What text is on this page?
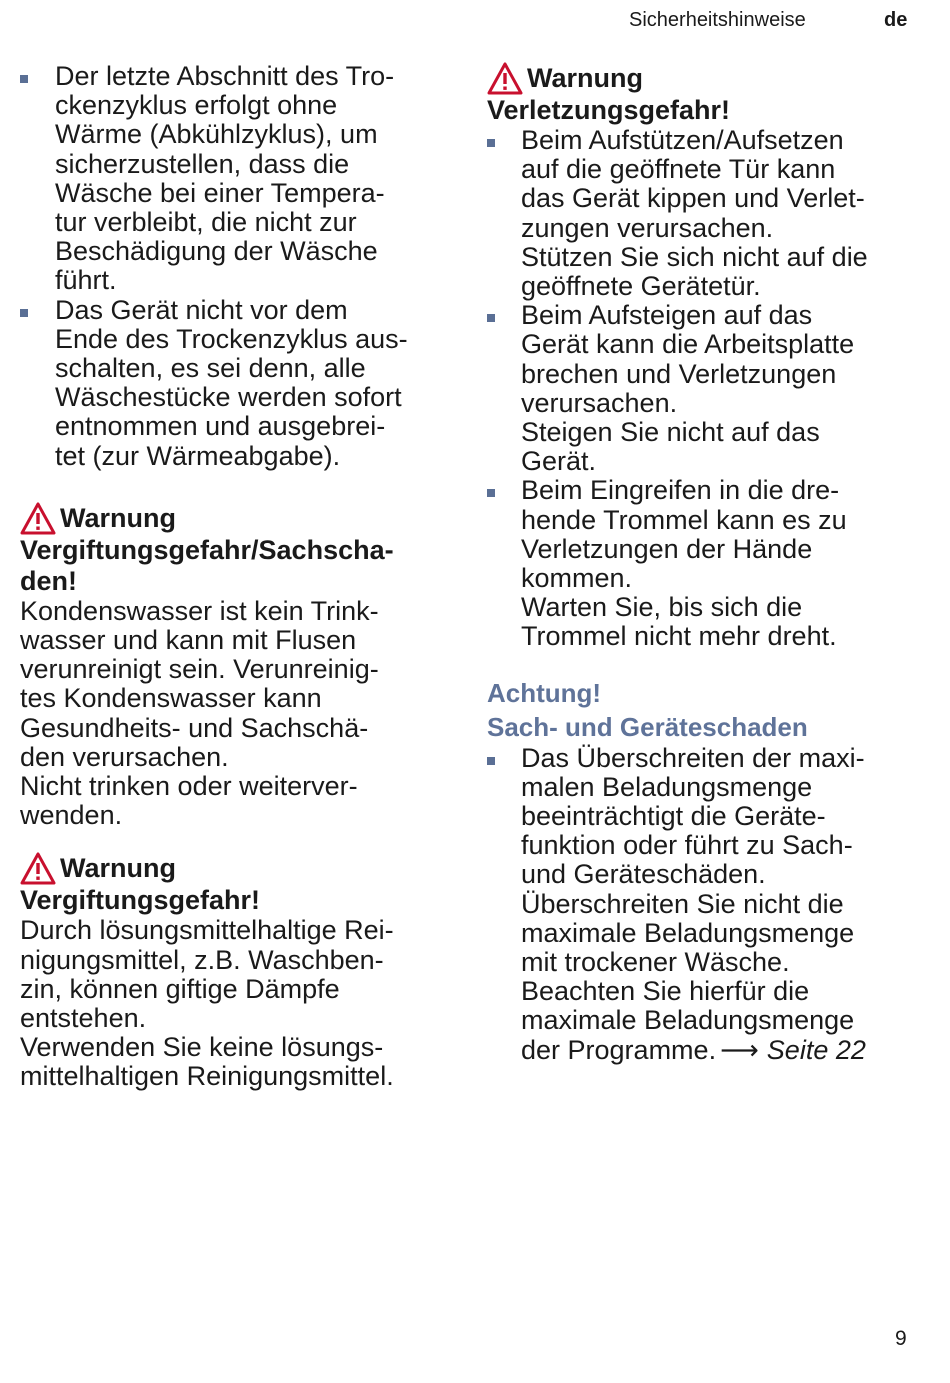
Sicherheitshinweise	de
Der letzte Abschnitt des Tro-
ckenzyklus erfolgt ohne
Wärme (Abkühlzyklus), um
sicherzustellen, dass die
Wäsche bei einer Tempera-
tur verbleibt, die nicht zur
Beschädigung der Wäsche
führt.
Das Gerät nicht vor dem
Ende des Trockenzyklus aus-
schalten, es sei denn, alle
Wäschestücke werden sofort
entnommen und ausgebrei-
tet (zur Wärmeabgabe).
Warnung
Vergiftungsgefahr/Sachscha-
den!
Kondenswasser ist kein Trink-
wasser und kann mit Flusen
verunreinigt sein. Verunreinig-
tes Kondenswasser kann
Gesundheits- und Sachschä-
den verursachen.
Nicht trinken oder weiterver-
wenden.
Warnung
Vergiftungsgefahr!
Durch lösungsmittelhaltige Rei-
nigungsmittel, z.B. Waschben-
zin, können giftige Dämpfe
entstehen.
Verwenden Sie keine lösungs-
mittelhaltigen Reinigungsmittel.
Warnung
Verletzungsgefahr!
Beim Aufstützen/Aufsetzen
auf die geöffnete Tür kann
das Gerät kippen und Verlet-
zungen verursachen.
Stützen Sie sich nicht auf die
geöffnete Gerätetür.
Beim Aufsteigen auf das
Gerät kann die Arbeitsplatte
brechen und Verletzungen
verursachen.
Steigen Sie nicht auf das
Gerät.
Beim Eingreifen in die dre-
hende Trommel kann es zu
Verletzungen der Hände
kommen.
Warten Sie, bis sich die
Trommel nicht mehr dreht.
Achtung!
Sach- und Geräteschaden
Das Überschreiten der maxi-
malen Beladungsmenge
beeinträchtigt die Geräte-
funktion oder führt zu Sach-
und Geräteschäden.
Überschreiten Sie nicht die
maximale Beladungsmenge
mit trockener Wäsche.
Beachten Sie hierfür die
maximale Beladungsmenge
der Programme. ⟶ Seite 22
9
